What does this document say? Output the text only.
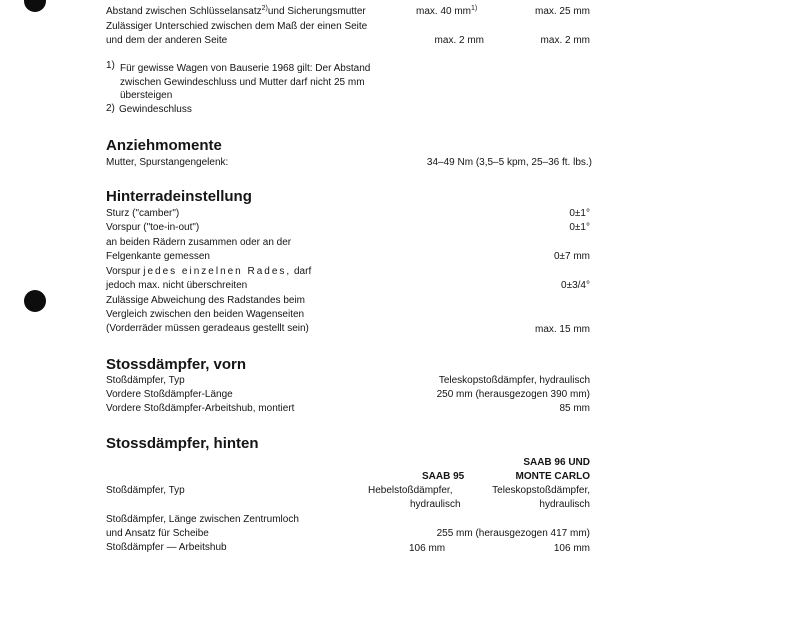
Abstand zwischen Schlüsselansatz$^{2)}$und Sicherungsmutter	max. 40 $mm^{1)}$	max. 25 mm
Zulässiger Unterschied zwischen dem Maß der einen Seite
und dem der anderen Seite	max. 2 mm	max. 2 mm
1) Für gewisse Wagen von Bauserie 1968 gilt: Der Abstand
zwischen Gewindeschluss und Mutter darf nicht 25 mm
übersteigen
2) Gewindeschluss
Anziehmomente
Mutter, Spurstangengelenk:	34–49 Nm (3,5–5 kpm, 25–36 ft. lbs.)
Hinterradeinstellung
Sturz ("camber")	0±1°
Vorspur ("toe-in-out")	0±1°
an beiden Rädern zusammen oder an der
Felgenkante gemessen	0±7 mm
Vorspur jedes einzelnen Rades, darf
jedoch max. nicht überschreiten	0±3/4°
Zulässige Abweichung des Radstandes beim
Vergleich zwischen den beiden Wagenseiten
(Vorderräder müssen geradeaus gestellt sein)	max. 15 mm
Stossdämpfer, vorn
Stoßdämpfer, Typ	Teleskopstoßdämpfer, hydraulisch
Vordere Stoßdämpfer-Länge	250 mm (herausgezogen 390 mm)
Vordere Stoßdämpfer-Arbeitshub, montiert	85 mm
Stossdämpfer, hinten
SAAB 96 UND
SAAB 95	MONTE CARLO
Stoßdämpfer, Typ	Hebelstoßdämpfer,	Teleskopstoßdämpfer,
hydraulisch	hydraulisch
Stoßdämpfer, Länge zwischen Zentrumloch
und Ansatz für Scheibe	255 mm (herausgezogen 417 mm)
Stoßdämpfer — Arbeitshub	106 mm	106 mm
